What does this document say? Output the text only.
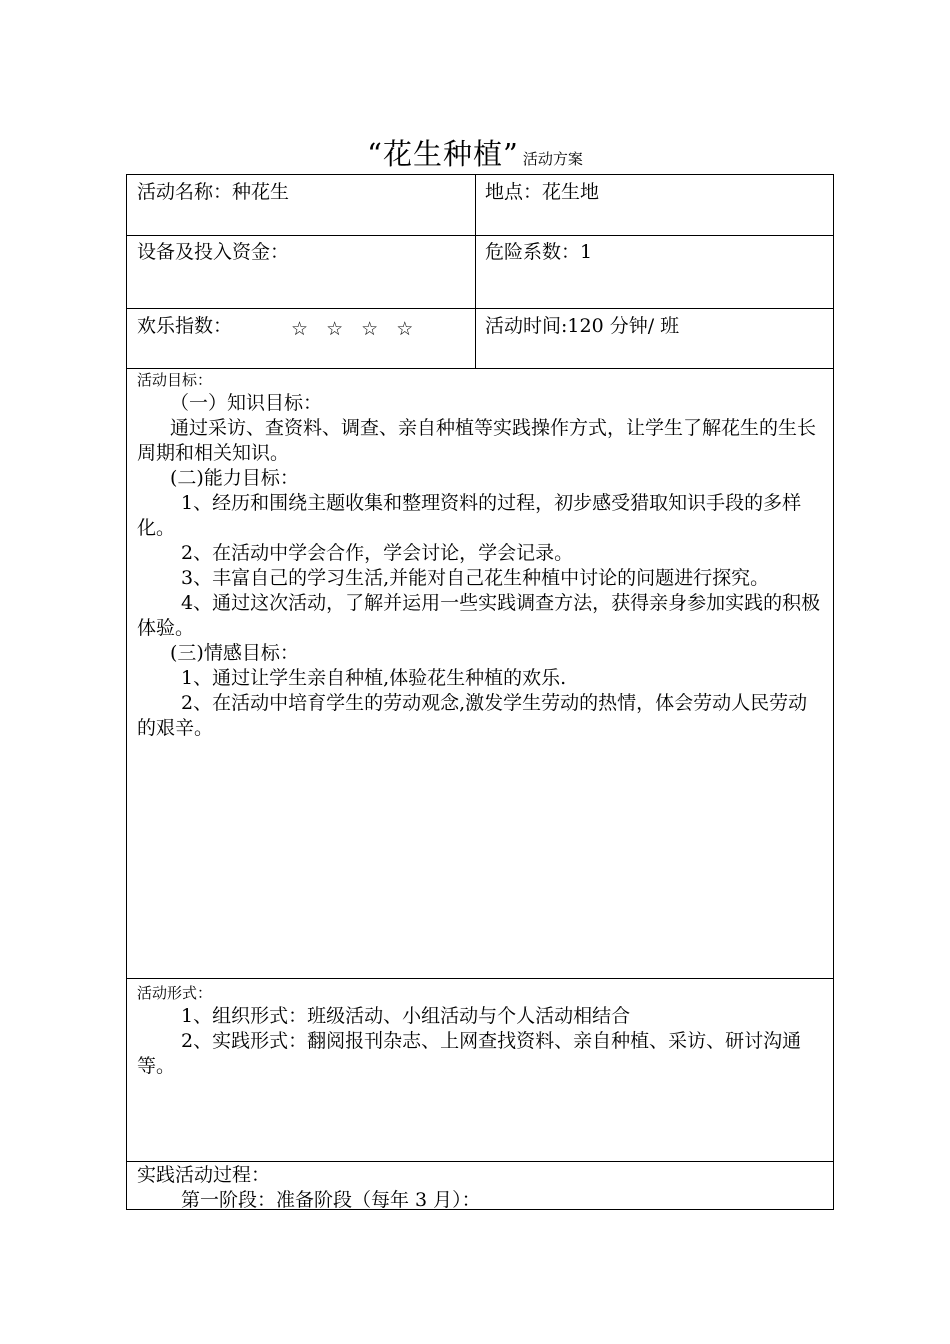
“花生种植” 活动方案
活动名称：种花生	地点：花生地
设备及投入资金：	危险系数：1
欢乐指数：	☆ ☆ ☆ ☆	活动时间:120 分钟/ 班
活动目标：

（一）知识目标：

通过采访、查资料、调查、亲自种植等实践操作方式，让学生了解花生的生长周期和相关知识。

(二)能力目标：

1、经历和围绕主题收集和整理资料的过程，初步感受猎取知识手段的多样化。

2、在活动中学会合作，学会讨论，学会记录。

3、丰富自己的学习生活,并能对自己花生种植中讨论的问题进行探究。

4、通过这次活动，了解并运用一些实践调查方法，获得亲身参加实践的积极体验。

(三)情感目标：

1、通过让学生亲自种植,体验花生种植的欢乐.

2、在活动中培育学生的劳动观念,激发学生劳动的热情，体会劳动人民劳动的艰辛。

活动形式：

1、组织形式：班级活动、小组活动与个人活动相结合

2、实践形式：翻阅报刊杂志、上网查找资料、亲自种植、采访、研讨沟通等。

实践活动过程：

第一阶段：准备阶段（每年 3 月）：
